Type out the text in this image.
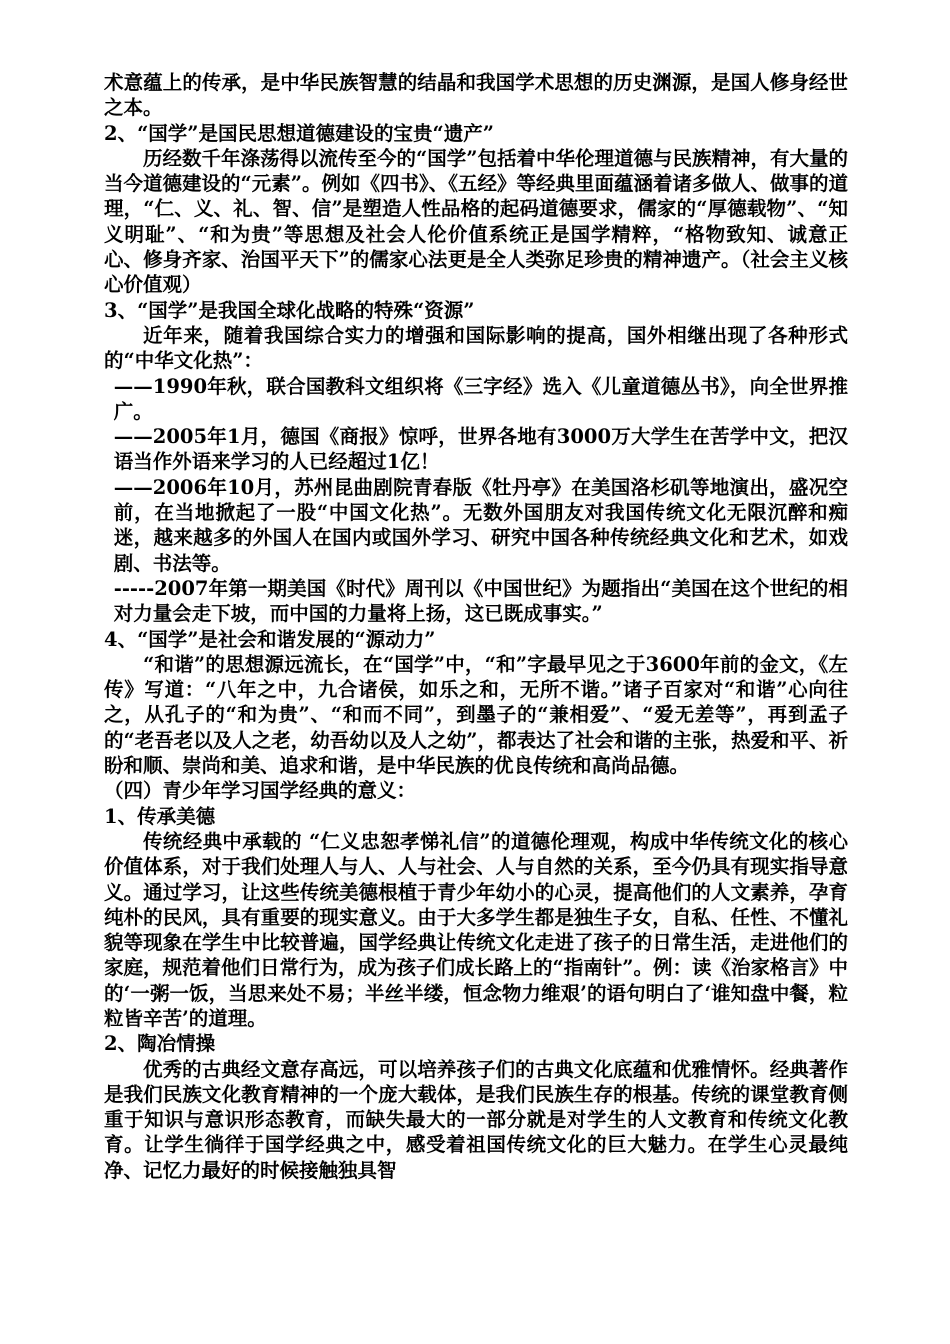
术意蕴上的传承，是中华民族智慧的结晶和我国学术思想的历史渊源，是国人修身经世之本。

2、“国学”是国民思想道德建设的宝贵“遗产”

历经数千年涤荡得以流传至今的“国学”包括着中华伦理道德与民族精神，有大量的当今道德建设的“元素”。例如《四书》、《五经》等经典里面蕴涵着诸多做人、做事的道理，“仁、义、礼、智、信”是塑造人性品格的起码道德要求，儒家的“厚德载物”、“知义明耻”、“和为贵”等思想及社会人伦价值系统正是国学精粹，“格物致知、诚意正心、修身齐家、治国平天下”的儒家心法更是全人类弥足珍贵的精神遗产。（社会主义核心价值观）

3、“国学”是我国全球化战略的特殊“资源”

近年来，随着我国综合实力的增强和国际影响的提高，国外相继出现了各种形式的“中华文化热”：

——1990年秋，联合国教科文组织将《三字经》选入《儿童道德丛书》，向全世界推广。

——2005年1月，德国《商报》惊呼，世界各地有3000万大学生在苦学中文，把汉语当作外语来学习的人已经超过1亿！

——2006年10月，苏州昆曲剧院青春版《牡丹亭》在美国洛杉矶等地演出，盛况空前，在当地掀起了一股“中国文化热”。无数外国朋友对我国传统文化无限沉醉和痴迷，越来越多的外国人在国内或国外学习、研究中国各种传统经典文化和艺术，如戏剧、书法等。

-----2007年第一期美国《时代》周刊以《中国世纪》为题指出“美国在这个世纪的相对力量会走下坡，而中国的力量将上扬，这已既成事实。”

4、“国学”是社会和谐发展的“源动力”

“和谐”的思想源远流长，在“国学”中，“和”字最早见之于3600年前的金文，《左传》写道：“八年之中，九合诸侯，如乐之和，无所不谐。”诸子百家对“和谐”心向往之，从孔子的“和为贵”、“和而不同”，到墨子的“兼相爱”、“爱无差等”，再到孟子的“老吾老以及人之老，幼吾幼以及人之幼”，都表达了社会和谐的主张，热爱和平、祈盼和顺、崇尚和美、追求和谐，是中华民族的优良传统和高尚品德。

（四）青少年学习国学经典的意义：

1、传承美德

传统经典中承载的 “仁义忠恕孝悌礼信”的道德伦理观，构成中华传统文化的核心价值体系，对于我们处理人与人、人与社会、人与自然的关系，至今仍具有现实指导意义。通过学习，让这些传统美德根植于青少年幼小的心灵，提高他们的人文素养，孕育纯朴的民风，具有重要的现实意义。由于大多学生都是独生子女，自私、任性、不懂礼貌等现象在学生中比较普遍，国学经典让传统文化走进了孩子的日常生活，走进他们的家庭，规范着他们日常行为，成为孩子们成长路上的“指南针”。例：读《治家格言》中的‘一粥一饭，当思来处不易；半丝半缕，恒念物力维艰’的语句明白了‘谁知盘中餐，粒粒皆辛苦’的道理。

2、陶冶情操

优秀的古典经文意存高远，可以培养孩子们的古典文化底蕴和优雅情怀。经典著作是我们民族文化教育精神的一个庞大载体，是我们民族生存的根基。传统的课堂教育侧重于知识与意识形态教育，而缺失最大的一部分就是对学生的人文教育和传统文化教育。让学生徜徉于国学经典之中，感受着祖国传统文化的巨大魅力。在学生心灵最纯净、记忆力最好的时候接触独具智
